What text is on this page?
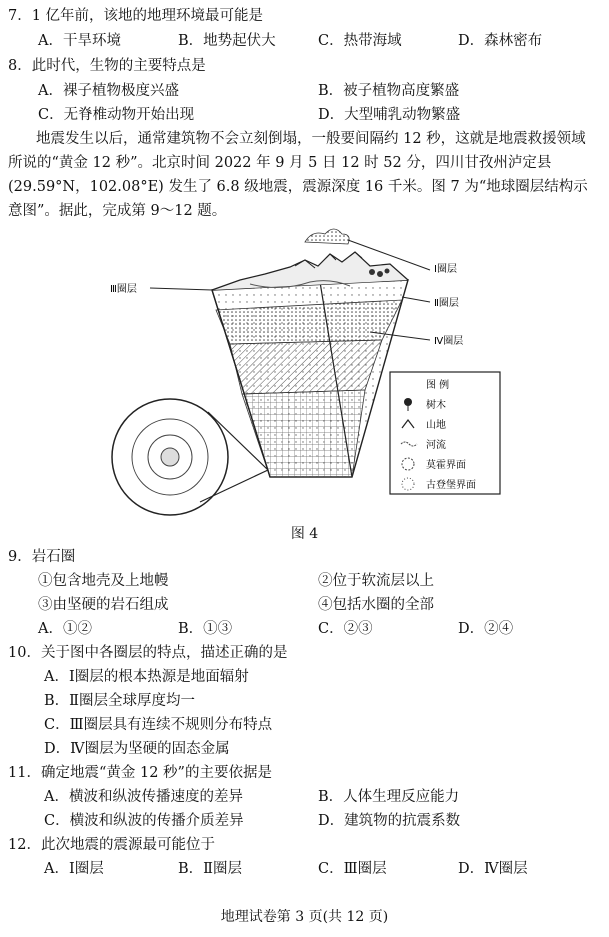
7．1 亿年前，该地的地理环境最可能是
A．干旱环境	B．地势起伏大	C．热带海域	D．森林密布
8．此时代，生物的主要特点是
A．裸子植物极度兴盛	B．被子植物高度繁盛
C．无脊椎动物开始出现	D．大型哺乳动物繁盛
地震发生以后，通常建筑物不会立刻倒塌，一般要间隔约 12 秒，这就是地震救援领域所说的“黄金 12 秒”。北京时间 2022 年 9 月 5 日 12 时 52 分，四川甘孜州泸定县(29.59°N，102.08°E) 发生了 6.8 级地震，震源深度 16 千米。图 7 为“地球圈层结构示意图”。据此，完成第 9～12 题。
Ⅰ圈层
Ⅱ圈层
Ⅳ圈层
Ⅲ圈层
图 例
树木
山地
河流
莫霍界面
古登堡界面
图 4
9．岩石圈
①包含地壳及上地幔	②位于软流层以上
③由坚硬的岩石组成	④包括水圈的全部
A．①②	B．①③	C．②③	D．②④
10．关于图中各圈层的特点，描述正确的是
A．Ⅰ圈层的根本热源是地面辐射
B．Ⅱ圈层全球厚度均一
C．Ⅲ圈层具有连续不规则分布特点
D．Ⅳ圈层为坚硬的固态金属
11．确定地震“黄金 12 秒”的主要依据是
A．横波和纵波传播速度的差异	B．人体生理反应能力
C．横波和纵波的传播介质差异	D．建筑物的抗震系数
12．此次地震的震源最可能位于
A．Ⅰ圈层	B．Ⅱ圈层	C．Ⅲ圈层	D．Ⅳ圈层
地理试卷第 3 页(共 12 页)
